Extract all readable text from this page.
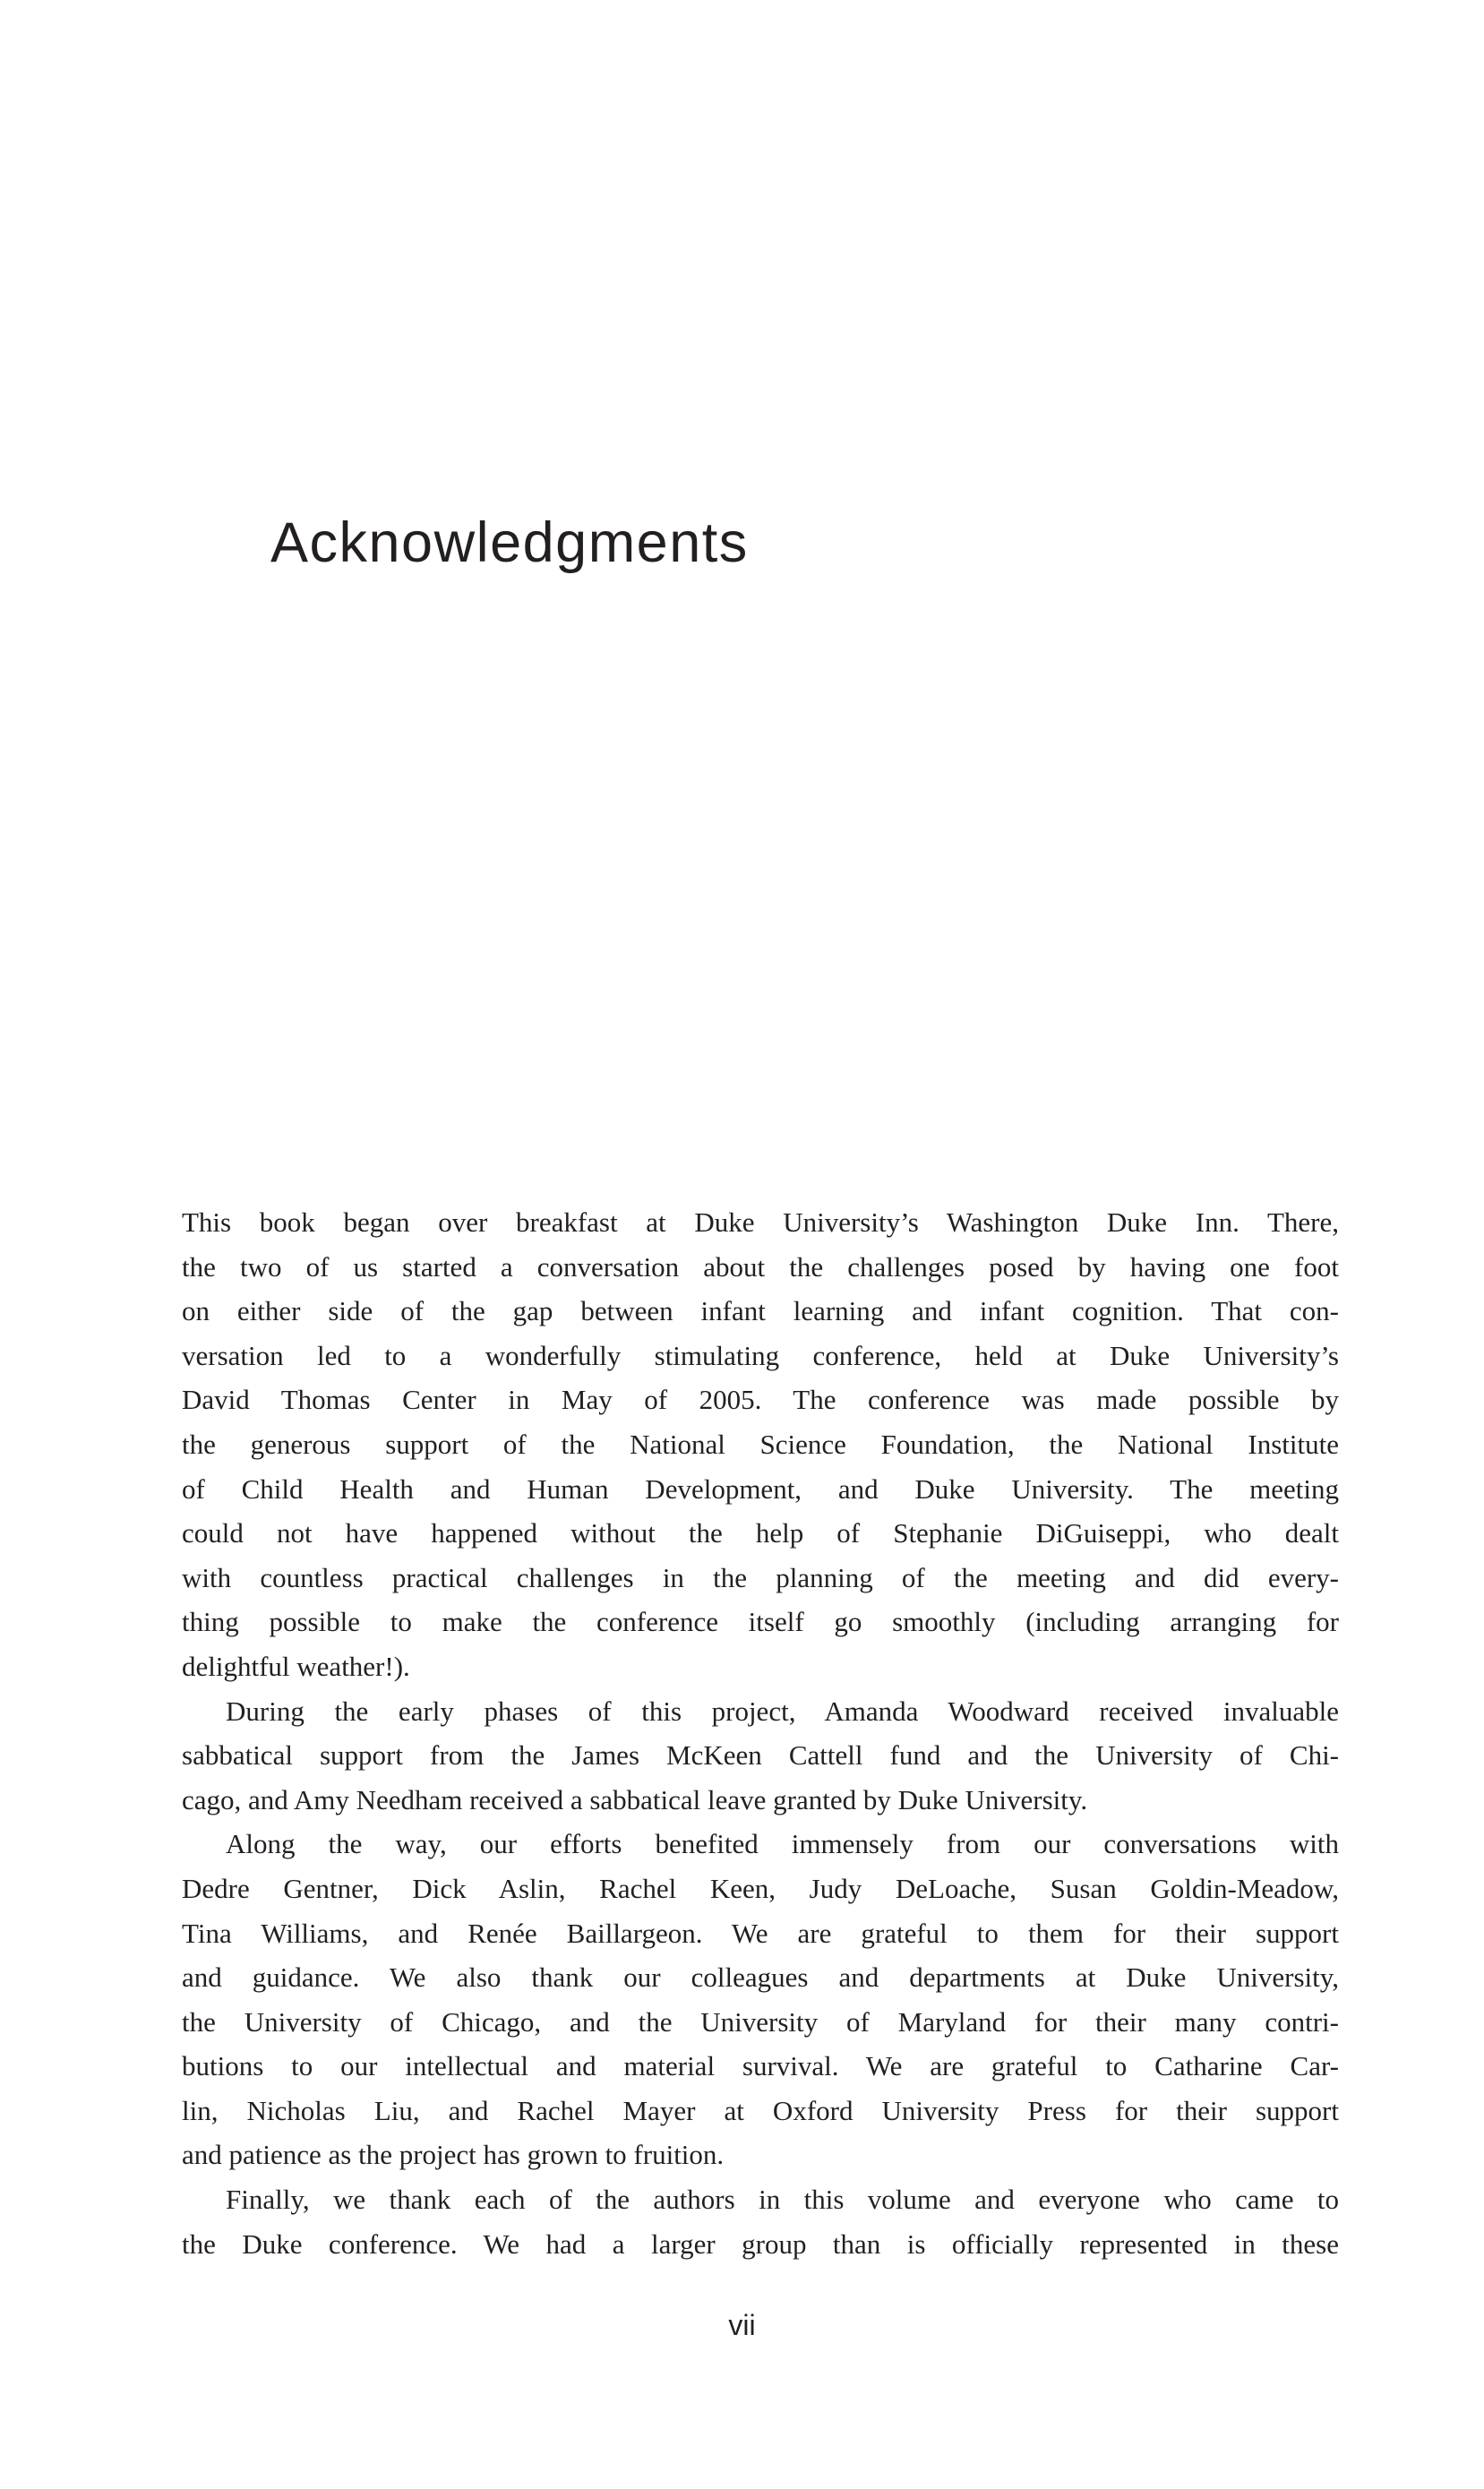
Acknowledgments
This book began over breakfast at Duke University’s Washington Duke Inn. There,
the two of us started a conversation about the challenges posed by having one foot
on either side of the gap between infant learning and infant cognition. That con-
versation led to a wonderfully stimulating conference, held at Duke University’s
David Thomas Center in May of 2005. The conference was made possible by
the generous support of the National Science Foundation, the National Institute
of Child Health and Human Development, and Duke University. The meeting
could not have happened without the help of Stephanie DiGuiseppi, who dealt
with countless practical challenges in the planning of the meeting and did every-
thing possible to make the conference itself go smoothly (including arranging for
delightful weather!).
During the early phases of this project, Amanda Woodward received invaluable
sabbatical support from the James McKeen Cattell fund and the University of Chi-
cago, and Amy Needham received a sabbatical leave granted by Duke University.
Along the way, our efforts benefited immensely from our conversations with
Dedre Gentner, Dick Aslin, Rachel Keen, Judy DeLoache, Susan Goldin-Meadow,
Tina Williams, and Renée Baillargeon. We are grateful to them for their support
and guidance. We also thank our colleagues and departments at Duke University,
the University of Chicago, and the University of Maryland for their many contri-
butions to our intellectual and material survival. We are grateful to Catharine Car-
lin, Nicholas Liu, and Rachel Mayer at Oxford University Press for their support
and patience as the project has grown to fruition.
Finally, we thank each of the authors in this volume and everyone who came to
the Duke conference. We had a larger group than is officially represented in these
vii
